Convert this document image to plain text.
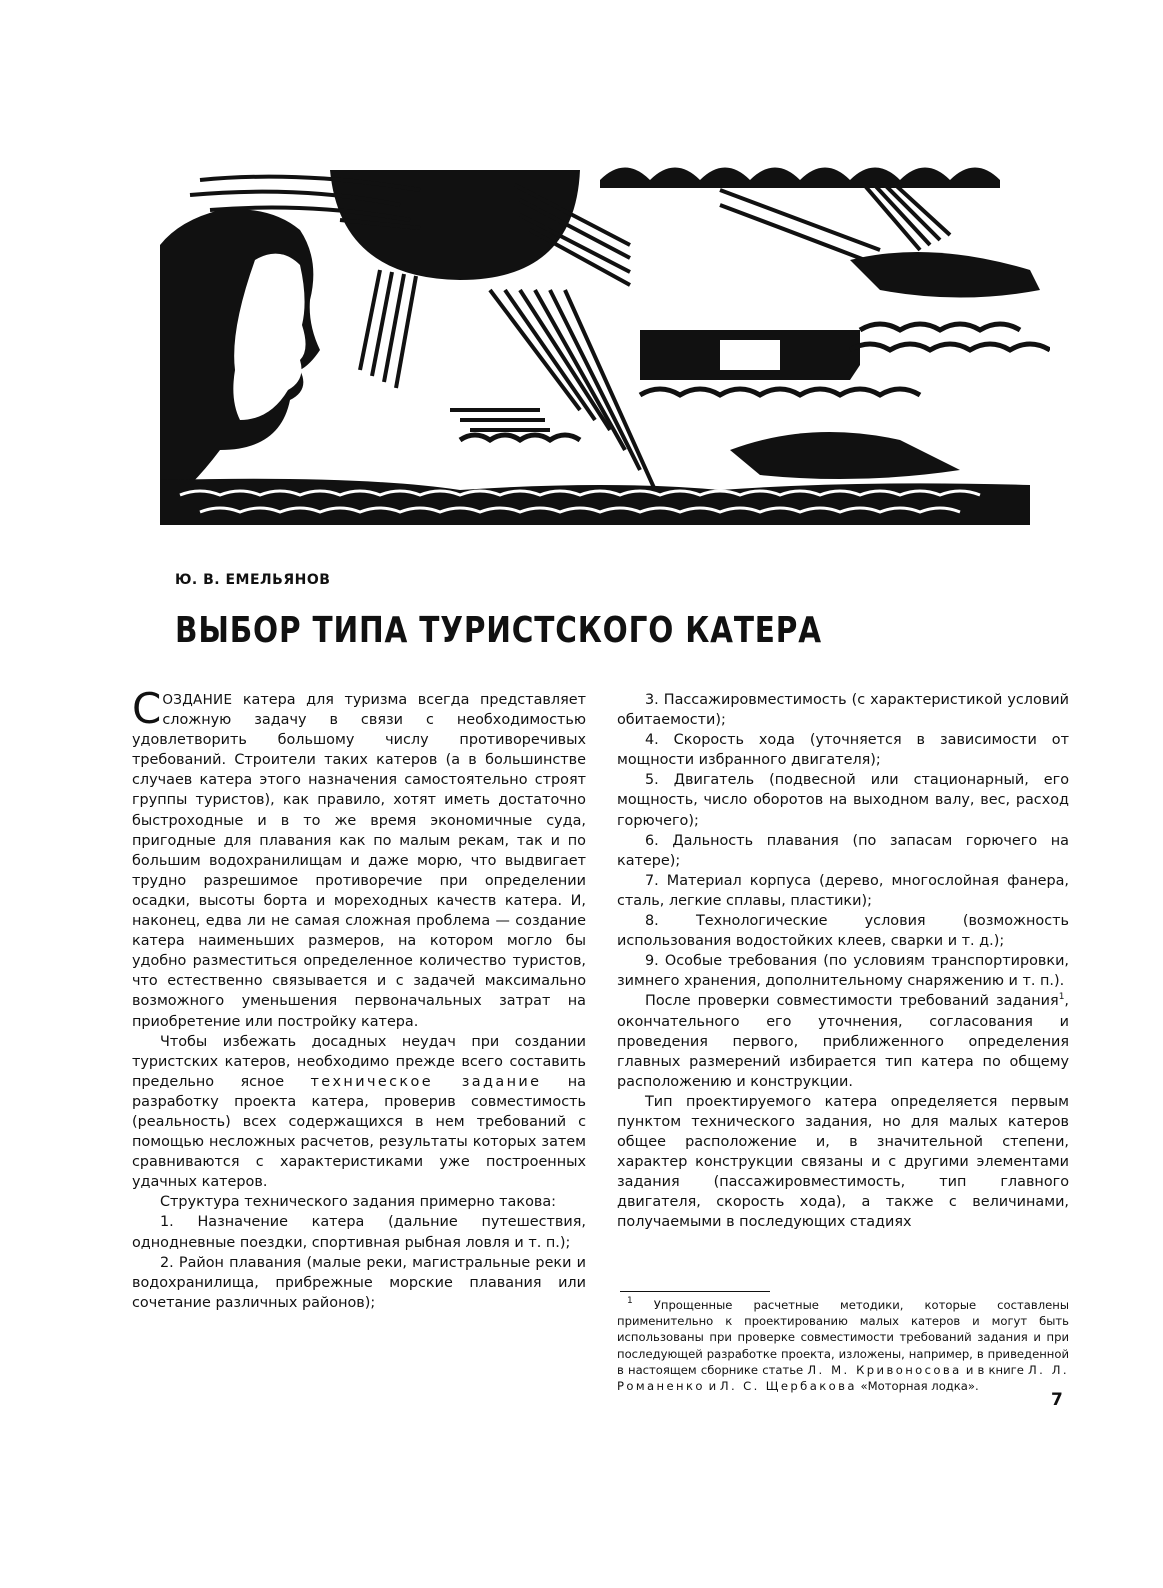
Ю. В. ЕМЕЛЬЯНОВ
ВЫБОР ТИПА ТУРИСТСКОГО КАТЕРА

СОЗДАНИЕ катера для туризма всегда представляет сложную задачу в связи с необходимостью удовлетворить большому числу противоречивых требований. Строители таких катеров (а в большинстве случаев катера этого назначения самостоятельно строят группы туристов), как правило, хотят иметь достаточно быстроходные и в то же время экономичные суда, пригодные для плавания как по малым рекам, так и по большим водохранилищам и даже морю, что выдвигает трудно разрешимое противоречие при определении осадки, высоты борта и мореходных качеств катера. И, наконец, едва ли не самая сложная проблема — создание катера наименьших размеров, на котором могло бы удобно разместиться определенное количество туристов, что естественно связывается и с задачей максимально возможного уменьшения первоначальных затрат на приобретение или постройку катера.

Чтобы избежать досадных неудач при создании туристских катеров, необходимо прежде всего составить предельно ясное техническое задание на разработку проекта катера, проверив совместимость (реальность) всех содержащихся в нем требований с помощью несложных расчетов, результаты которых затем сравниваются с характеристиками уже построенных удачных катеров.

Структура технического задания примерно такова:

1. Назначение катера (дальние путешествия, однодневные поездки, спортивная рыбная ловля и т. п.);

2. Район плавания (малые реки, магистральные реки и водохранилища, прибрежные морские плавания или сочетание различных районов);

3. Пассажировместимость (с характеристикой условий обитаемости);

4. Скорость хода (уточняется в зависимости от мощности избранного двигателя);

5. Двигатель (подвесной или стационарный, его мощность, число оборотов на выходном валу, вес, расход горючего);

6. Дальность плавания (по запасам горючего на катере);

7. Материал корпуса (дерево, многослойная фанера, сталь, легкие сплавы, пластики);

8. Технологические условия (возможность использования водостойких клеев, сварки и т. д.);

9. Особые требования (по условиям транспортировки, зимнего хранения, дополнительному снаряжению и т. п.).

После проверки совместимости требований задания$^1$, окончательного его уточнения, согласования и проведения первого, приближенного определения главных размерений избирается тип катера по общему расположению и конструкции.

Тип проектируемого катера определяется первым пунктом технического задания, но для малых катеров общее расположение и, в значительной степени, характер конструкции связаны и с другими элементами задания (пассажировместимость, тип главного двигателя, скорость хода), а также с величинами, получаемыми в последующих стадиях

$^1$ Упрощенные расчетные методики, которые составлены применительно к проектированию малых катеров и могут быть использованы при проверке совместимости требований задания и при последующей разработке проекта, изложены, например, в приведенной в настоящем сборнике статье Л. М. Кривоносова и в книге Л. Л. Романенко и Л. С. Щербакова «Моторная лодка».
7
